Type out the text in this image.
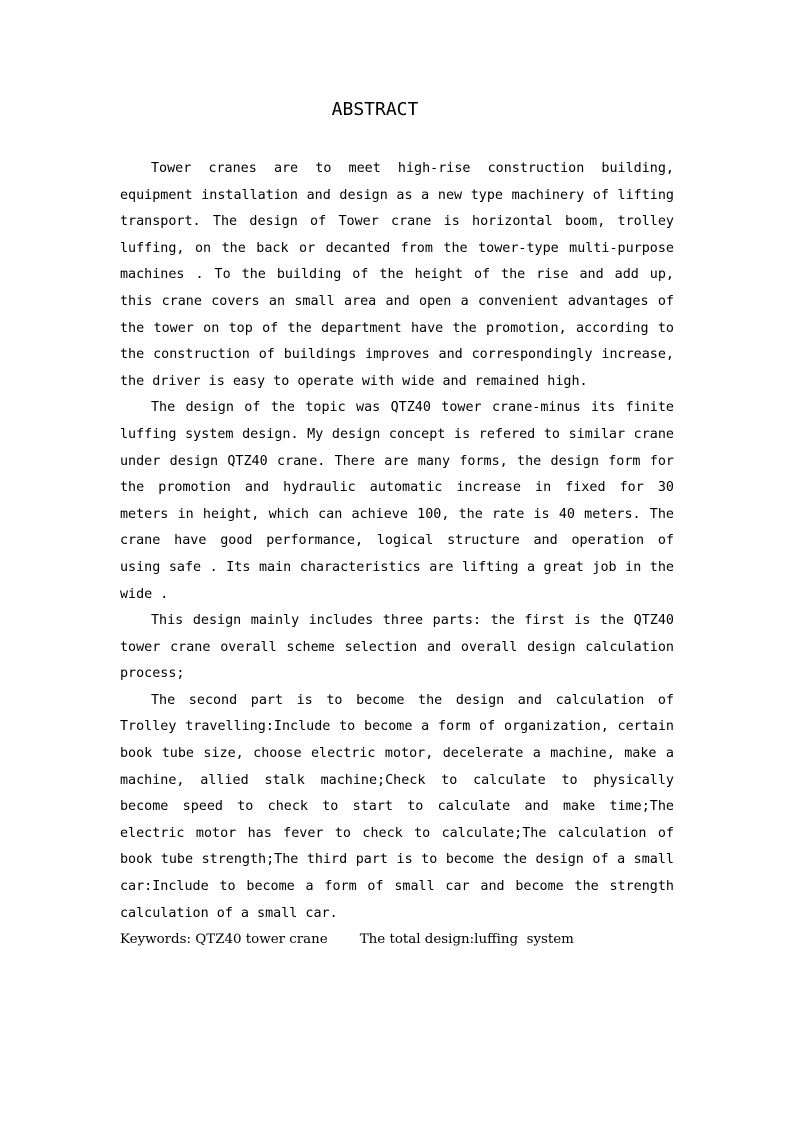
ABSTRACT

Tower cranes are to meet high-rise construction building, equipment installation and design as a new type machinery of lifting transport. The design of Tower crane is horizontal boom, trolley luffing, on the back or decanted from the tower-type multi-purpose machines . To the building of the height of the rise and add up, this crane covers an small area and open a convenient advantages of the tower on top of the department have the promotion, according to the construction of buildings improves and correspondingly increase, the driver is easy to operate with wide and remained high.

The design of the topic was QTZ40 tower crane-minus its finite luffing system design. My design concept is refered to similar crane under design QTZ40 crane. There are many forms, the design form for the promotion and hydraulic automatic increase in fixed for 30 meters in height, which can achieve 100, the rate is 40 meters. The crane have good performance, logical structure and operation of using safe . Its main characteristics are lifting a great job in the wide .

This design mainly includes three parts: the first is the QTZ40 tower crane overall scheme selection and overall design calculation process;

The second part is to become the design and calculation of Trolley travelling:Include to become a form of organization, certain book tube size, choose electric motor, decelerate a machine, make a machine, allied stalk machine;Check to calculate to physically become speed to check to start to calculate and make time;The electric motor has fever to check to calculate;The calculation of book tube strength;The third part is to become the design of a small car:Include to become a form of small car and become the strength calculation of a small car.

Keywords: QTZ40 tower crane The total design:luffing  system
